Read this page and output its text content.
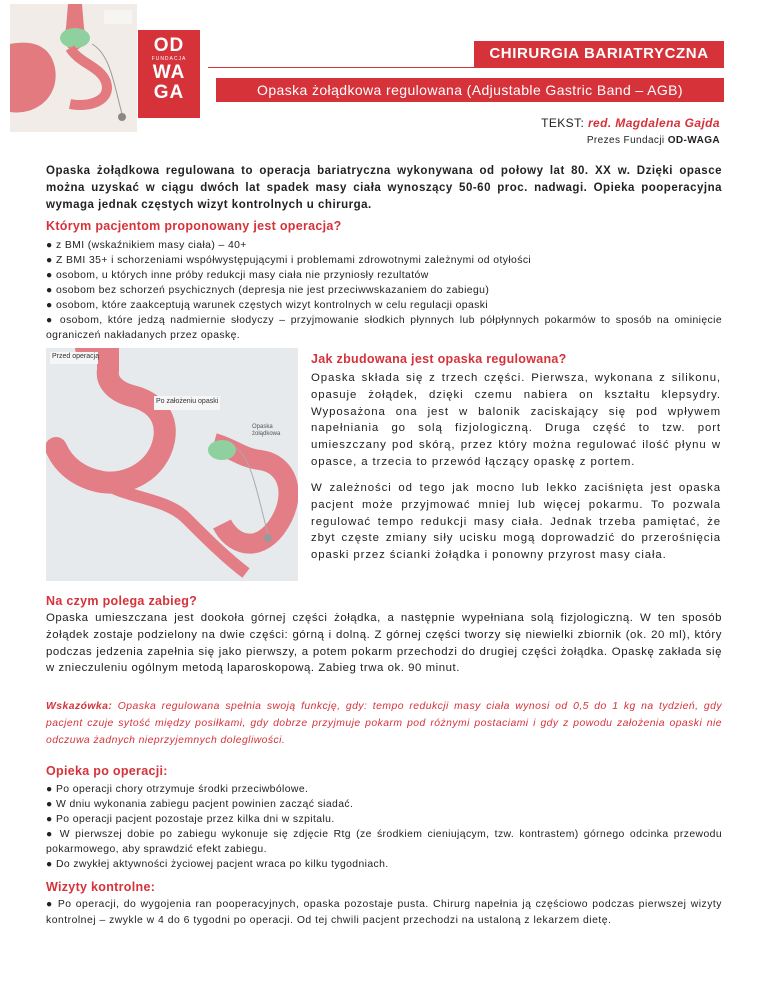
OD
FUNDACJA
WA
GA
CHIRURGIA BARIATRYCZNA
Opaska żołądkowa regulowana (Adjustable Gastric Band – AGB)
TEKST: red. Magdalena Gajda
Prezes Fundacji OD-WAGA
Opaska żołądkowa regulowana to operacja bariatryczna wykonywana od połowy lat 80. XX w. Dzięki opasce można uzyskać w ciągu dwóch lat spadek masy ciała wynoszący 50-60 proc. nadwagi. Opieka pooperacyjna wymaga jednak częstych wizyt kontrolnych u chirurga.
Którym pacjentom proponowany jest operacja?

● z BMI (wskaźnikiem masy ciała) – 40+

● Z BMI 35+ i schorzeniami współwystępującymi i problemami zdrowotnymi zależnymi od otyłości

● osobom, u których inne próby redukcji masy ciała nie przyniosły rezultatów

● osobom bez schorzeń psychicznych (depresja nie jest przeciwwskazaniem do zabiegu)

● osobom, które zaakceptują warunek częstych wizyt kontrolnych w celu regulacji opaski

● osobom, które jedzą nadmiernie słodyczy – przyjmowanie słodkich płynnych lub półpłynnych pokarmów to sposób na ominięcie ograniczeń nakładanych przez opaskę.

Przed operacją
Po założeniu opaski
Opaska żołądkowa
Jak zbudowana jest opaska regulowana?
Opaska składa się z trzech części. Pierwsza, wykonana z silikonu, opasuje żołądek, dzięki czemu nabiera on kształtu klepsydry. Wyposażona ona jest w balonik zaciskający się pod wpływem napełniania go solą fizjologiczną. Druga część to tzw. port umieszczany pod skórą, przez który można regulować ilość płynu w opasce, a trzecia to przewód łączący opaskę z portem.
W zależności od tego jak mocno lub lekko zaciśnięta jest opaska pacjent może przyjmować mniej lub więcej pokarmu. To pozwala regulować tempo redukcji masy ciała. Jednak trzeba pamiętać, że zbyt częste zmiany siły ucisku mogą doprowadzić do przerośnięcia opaski przez ścianki żołądka i ponowny przyrost masy ciała.
Na czym polega zabieg?
Opaska umieszczana jest dookoła górnej części żołądka, a następnie wypełniana solą fizjologiczną. W ten sposób żołądek zostaje podzielony na dwie części: górną i dolną. Z górnej części tworzy się niewielki zbiornik (ok. 20 ml), który podczas jedzenia zapełnia się jako pierwszy, a potem pokarm przechodzi do drugiej części żołądka. Opaskę zakłada się w znieczuleniu ogólnym metodą laparoskopową. Zabieg trwa ok. 90 minut.
Wskazówka: Opaska regulowana spełnia swoją funkcję, gdy: tempo redukcji masy ciała wynosi od 0,5 do 1 kg na tydzień, gdy pacjent czuje sytość między posiłkami, gdy dobrze przyjmuje pokarm pod różnymi postaciami i gdy z powodu założenia opaski nie odczuwa żadnych nieprzyjemnych dolegliwości.
Opieka po operacji:

● Po operacji chory otrzymuje środki przeciwbólowe.

● W dniu wykonania zabiegu pacjent powinien zacząć siadać.

● Po operacji pacjent pozostaje przez kilka dni w szpitalu.

● W pierwszej dobie po zabiegu wykonuje się zdjęcie Rtg (ze środkiem cieniującym, tzw. kontrastem) górnego odcinka przewodu pokarmowego, aby sprawdzić efekt zabiegu.

● Do zwykłej aktywności życiowej pacjent wraca po kilku tygodniach.

Wizyty kontrolne:
● Po operacji, do wygojenia ran pooperacyjnych, opaska pozostaje pusta. Chirurg napełnia ją częściowo podczas pierwszej wizyty kontrolnej – zwykle w 4 do 6 tygodni po operacji. Od tej chwili pacjent przechodzi na ustaloną z lekarzem dietę.
